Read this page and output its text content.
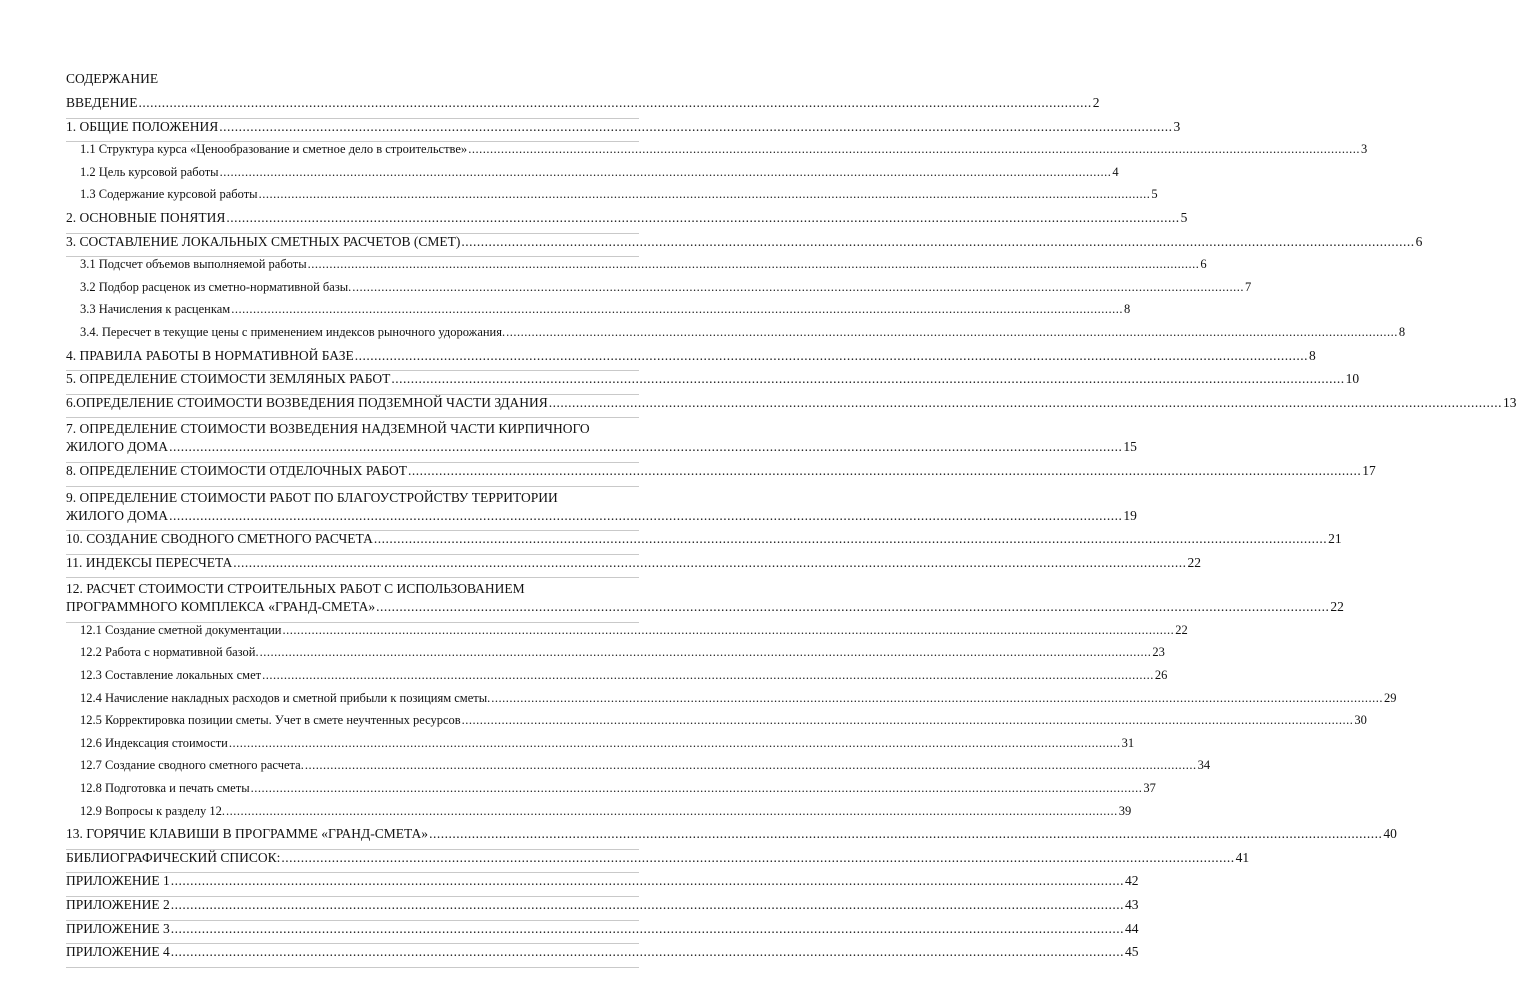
СОДЕРЖАНИЕ
ВВЕДЕНИЕ .....	2
1. ОБЩИЕ ПОЛОЖЕНИЯ .....	3
1.1 Структура курса «Ценообразование и сметное дело в строительстве» .....	3
1.2 Цель курсовой работы .....	4
1.3 Содержание курсовой работы .....	5
2. ОСНОВНЫЕ ПОНЯТИЯ .....	5
3. СОСТАВЛЕНИЕ ЛОКАЛЬНЫХ СМЕТНЫХ РАСЧЕТОВ (СМЕТ) .....	6
3.1 Подсчет объемов выполняемой работы .....	6
3.2 Подбор расценок из сметно-нормативной базы. .....	7
3.3 Начисления к расценкам .....	8
3.4. Пересчет в текущие цены с применением индексов рыночного удорожания. .....	8
4. ПРАВИЛА РАБОТЫ В НОРМАТИВНОЙ БАЗЕ .....	8
5. ОПРЕДЕЛЕНИЕ СТОИМОСТИ ЗЕМЛЯНЫХ РАБОТ .....	10
6.ОПРЕДЕЛЕНИЕ СТОИМОСТИ ВОЗВЕДЕНИЯ ПОДЗЕМНОЙ ЧАСТИ ЗДАНИЯ .....	13
7. ОПРЕДЕЛЕНИЕ СТОИМОСТИ ВОЗВЕДЕНИЯ НАДЗЕМНОЙ ЧАСТИ КИРПИЧНОГО
ЖИЛОГО ДОМА .....	15
8. ОПРЕДЕЛЕНИЕ СТОИМОСТИ ОТДЕЛОЧНЫХ РАБОТ .....	17
9. ОПРЕДЕЛЕНИЕ СТОИМОСТИ РАБОТ ПО БЛАГОУСТРОЙСТВУ ТЕРРИТОРИИ
ЖИЛОГО ДОМА .....	19
10. СОЗДАНИЕ СВОДНОГО СМЕТНОГО РАСЧЕТА .....	21
11. ИНДЕКСЫ ПЕРЕСЧЕТА .....	22
12. РАСЧЕТ СТОИМОСТИ СТРОИТЕЛЬНЫХ РАБОТ С ИСПОЛЬЗОВАНИЕМ
ПРОГРАММНОГО КОМПЛЕКСА «ГРАНД-СМЕТА» .....	22
12.1 Создание сметной документации .....	22
12.2 Работа с нормативной базой. .....	23
12.3 Составление локальных смет .....	26
12.4 Начисление накладных расходов и сметной прибыли к позициям сметы. .....	29
12.5 Корректировка позиции сметы. Учет в смете неучтенных ресурсов .....	30
12.6 Индексация стоимости .....	31
12.7 Создание сводного сметного расчета. .....	34
12.8 Подготовка и печать сметы .....	37
12.9 Вопросы к разделу 12. .....	39
13. ГОРЯЧИЕ КЛАВИШИ В ПРОГРАММЕ «ГРАНД-СМЕТА» .....	40
БИБЛИОГРАФИЧЕСКИЙ СПИСОК: .....	41
ПРИЛОЖЕНИЕ 1 .....	42
ПРИЛОЖЕНИЕ 2 .....	43
ПРИЛОЖЕНИЕ 3 .....	44
ПРИЛОЖЕНИЕ 4 .....	45
